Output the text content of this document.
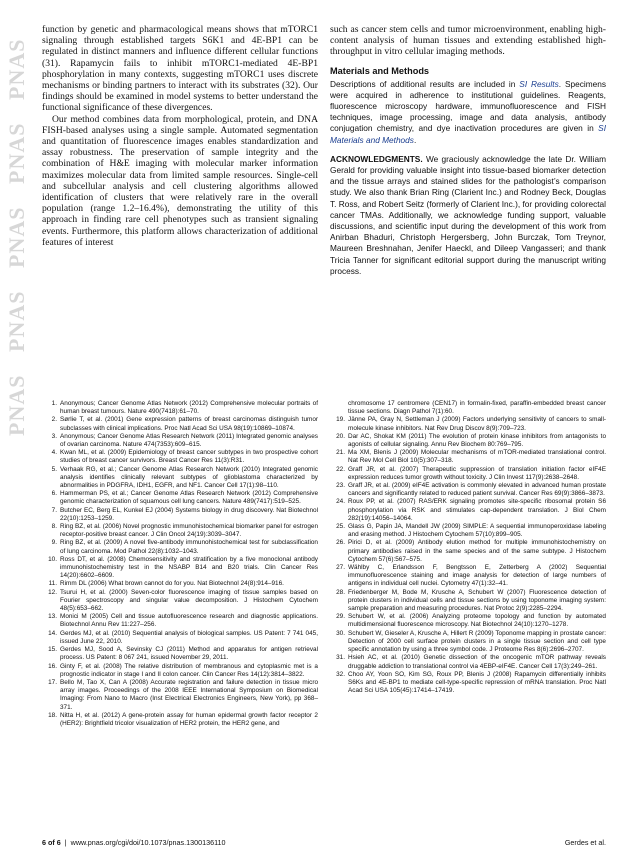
PNAS
PNAS
PNAS
PNAS
PNAS

function by genetic and pharmacological means shows that mTORC1 signaling through established targets S6K1 and 4E-BP1 can be regulated in distinct manners and influence different cellular functions (31). Rapamycin fails to inhibit mTORC1-mediated 4E-BP1 phosphorylation in many contexts, suggesting mTORC1 uses discrete mechanisms or binding partners to interact with its substrates (32). Our findings should be examined in model systems to better understand the functional significance of these divergences.

Our method combines data from morphological, protein, and DNA FISH-based analyses using a single sample. Automated segmentation and quantitation of fluorescence images enables standardization and assay robustness. The preservation of sample integrity and the combination of H&E imaging with molecular marker information maximizes molecular data from limited sample resources. Single-cell and subcellular analysis and cell clustering algorithms allowed identification of clusters that were relatively rare in the overall population (range 1.2–16.4%), demonstrating the utility of this approach in finding rare cell phenotypes such as transient signaling events. Furthermore, this platform allows characterization of additional features of interest

such as cancer stem cells and tumor microenvironment, enabling high-content analysis of human tissues and extending established high-throughput in vitro cellular imaging methods.

Materials and Methods

Descriptions of additional results are included in SI Results. Specimens were acquired in adherence to institutional guidelines. Reagents, fluorescence microscopy hardware, immunofluorescence and FISH techniques, image processing, image and data analysis, antibody conjugation chemistry, and dye inactivation procedures are given in SI Materials and Methods.

ACKNOWLEDGMENTS. We graciously acknowledge the late Dr. William Gerald for providing valuable insight into tissue-based biomarker detection and the tissue arrays and stained slides for the pathologist’s comparison study. We also thank Brian Ring (Clarient Inc.) and Rodney Beck, Douglas T. Ross, and Robert Seitz (formerly of Clarient Inc.), for providing colorectal cancer TMAs. Additionally, we acknowledge funding support, valuable discussions, and scientific input during the development of this work from Anirban Bhaduri, Christoph Hergersberg, John Burczak, Tom Treynor, Maureen Breshnahan, Jenifer Haeckl, and Dileep Vangasseri; and thank Tricia Tanner for significant editorial support during the manuscript writing process.

1. Anonymous; Cancer Genome Atlas Network (2012) Comprehensive molecular portraits of human breast tumours. Nature 490(7418):61–70.
2. Sørlie T, et al. (2001) Gene expression patterns of breast carcinomas distinguish tumor subclasses with clinical implications. Proc Natl Acad Sci USA 98(19):10869–10874.
3. Anonymous; Cancer Genome Atlas Research Network (2011) Integrated genomic analyses of ovarian carcinoma. Nature 474(7353):609–615.
4. Kwan ML, et al. (2009) Epidemiology of breast cancer subtypes in two prospective cohort studies of breast cancer survivors. Breast Cancer Res 11(3):R31.
5. Verhaak RG, et al.; Cancer Genome Atlas Research Network (2010) Integrated genomic analysis identifies clinically relevant subtypes of glioblastoma characterized by abnormalities in PDGFRA, IDH1, EGFR, and NF1. Cancer Cell 17(1):98–110.
6. Hammerman PS, et al.; Cancer Genome Atlas Research Network (2012) Comprehensive genomic characterization of squamous cell lung cancers. Nature 489(7417):519–525.
7. Butcher EC, Berg EL, Kunkel EJ (2004) Systems biology in drug discovery. Nat Biotechnol 22(10):1253–1259.
8. Ring BZ, et al. (2006) Novel prognostic immunohistochemical biomarker panel for estrogen receptor-positive breast cancer. J Clin Oncol 24(19):3039–3047.
9. Ring BZ, et al. (2009) A novel five-antibody immunohistochemical test for subclassification of lung carcinoma. Mod Pathol 22(8):1032–1043.
10. Ross DT, et al. (2008) Chemosensitivity and stratification by a five monoclonal antibody immunohistochemistry test in the NSABP B14 and B20 trials. Clin Cancer Res 14(20):6602–6609.
11. Rimm DL (2006) What brown cannot do for you. Nat Biotechnol 24(8):914–916.
12. Tsurui H, et al. (2000) Seven-color fluorescence imaging of tissue samples based on Fourier spectroscopy and singular value decomposition. J Histochem Cytochem 48(5):653–662.
13. Monici M (2005) Cell and tissue autofluorescence research and diagnostic applications. Biotechnol Annu Rev 11:227–256.
14. Gerdes MJ, et al. (2010) Sequential analysis of biological samples. US Patent: 7 741 045, issued June 22, 2010.
15. Gerdes MJ, Sood A, Sevinsky CJ (2011) Method and apparatus for antigen retrieval process. US Patent: 8 067 241, issued November 29, 2011.
16. Ginty F, et al. (2008) The relative distribution of membranous and cytoplasmic met is a prognostic indicator in stage I and II colon cancer. Clin Cancer Res 14(12):3814–3822.
17. Bello M, Tao X, Can A (2008) Accurate registration and failure detection in tissue micro array images. Proceedings of the 2008 IEEE International Symposium on Biomedical Imaging: From Nano to Macro (Inst Electrical Electronics Engineers, New York), pp 368–371.
18. Nitta H, et al. (2012) A gene-protein assay for human epidermal growth factor receptor 2 (HER2): Brightfield tricolor visualization of HER2 protein, the HER2 gene, and
chromosome 17 centromere (CEN17) in formalin-fixed, paraffin-embedded breast cancer tissue sections. Diagn Pathol 7(1):60.
19. Jänne PA, Gray N, Settleman J (2009) Factors underlying sensitivity of cancers to small-molecule kinase inhibitors. Nat Rev Drug Discov 8(9):709–723.
20. Dar AC, Shokat KM (2011) The evolution of protein kinase inhibitors from antagonists to agonists of cellular signaling. Annu Rev Biochem 80:769–795.
21. Ma XM, Blenis J (2009) Molecular mechanisms of mTOR-mediated translational control. Nat Rev Mol Cell Biol 10(5):307–318.
22. Graff JR, et al. (2007) Therapeutic suppression of translation initiation factor eIF4E expression reduces tumor growth without toxicity. J Clin Invest 117(9):2638–2648.
23. Graff JR, et al. (2009) eIF4E activation is commonly elevated in advanced human prostate cancers and significantly related to reduced patient survival. Cancer Res 69(9):3866–3873.
24. Roux PP, et al. (2007) RAS/ERK signaling promotes site-specific ribosomal protein S6 phosphorylation via RSK and stimulates cap-dependent translation. J Biol Chem 282(19):14056–14064.
25. Glass G, Papin JA, Mandell JW (2009) SIMPLE: A sequential immunoperoxidase labeling and erasing method. J Histochem Cytochem 57(10):899–905.
26. Pirici D, et al. (2009) Antibody elution method for multiple immunohistochemistry on primary antibodies raised in the same species and of the same subtype. J Histochem Cytochem 57(6):567–575.
27. Wählby C, Erlandsson F, Bengtsson E, Zetterberg A (2002) Sequential immunofluorescence staining and image analysis for detection of large numbers of antigens in individual cell nuclei. Cytometry 47(1):32–41.
28. Friedenberger M, Bode M, Krusche A, Schubert W (2007) Fluorescence detection of protein clusters in individual cells and tissue sections by using toponome imaging system: sample preparation and measuring procedures. Nat Protoc 2(9):2285–2294.
29. Schubert W, et al. (2006) Analyzing proteome topology and function by automated multidimensional fluorescence microscopy. Nat Biotechnol 24(10):1270–1278.
30. Schubert W, Gieseler A, Krusche A, Hillert R (2009) Toponome mapping in prostate cancer: Detection of 2000 cell surface protein clusters in a single tissue section and cell type specific annotation by using a three symbol code. J Proteome Res 8(6):2696–2707.
31. Hsieh AC, et al. (2010) Genetic dissection of the oncogenic mTOR pathway reveals druggable addiction to translational control via 4EBP-eIF4E. Cancer Cell 17(3):249–261.
32. Choo AY, Yoon SO, Kim SG, Roux PP, Blenis J (2008) Rapamycin differentially inhibits S6Ks and 4E-BP1 to mediate cell-type-specific repression of mRNA translation. Proc Natl Acad Sci USA 105(45):17414–17419.
6 of 6  |  www.pnas.org/cgi/doi/10.1073/pnas.1300136110	Gerdes et al.
